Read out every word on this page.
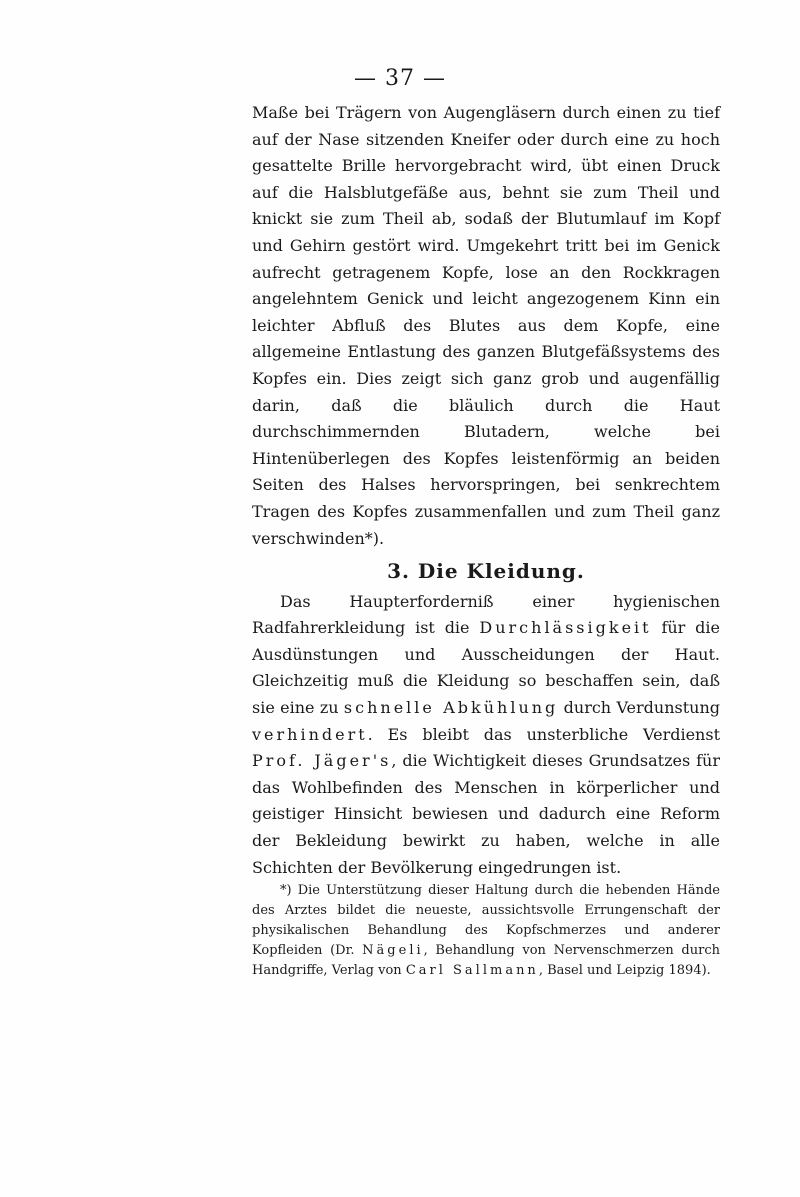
— 37 —

Maße bei Trägern von Augengläsern durch einen zu tief auf der Nase sitzenden Kneifer oder durch eine zu hoch gesattelte Brille hervorgebracht wird, übt einen Druck auf die Halsblutgefäße aus, behnt sie zum Theil und knickt sie zum Theil ab, sodaß der Blutumlauf im Kopf und Gehirn gestört wird. Umgekehrt tritt bei im Genick aufrecht getragenem Kopfe, lose an den Rockkragen angelehntem Genick und leicht angezogenem Kinn ein leichter Abfluß des Blutes aus dem Kopfe, eine allgemeine Entlastung des ganzen Blutgefäßsystems des Kopfes ein. Dies zeigt sich ganz grob und augenfällig darin, daß die bläulich durch die Haut durchschimmernden Blutadern, welche bei Hintenüberlegen des Kopfes leistenförmig an beiden Seiten des Halses hervorspringen, bei senkrechtem Tragen des Kopfes zusammenfallen und zum Theil ganz verschwinden*).

3. Die Kleidung.

Das Haupterforderniß einer hygienischen Radfahrerkleidung ist die Durchlässigkeit für die Ausdünstungen und Ausscheidungen der Haut. Gleichzeitig muß die Kleidung so beschaffen sein, daß sie eine zu schnelle Abkühlung durch Verdunstung verhindert. Es bleibt das unsterbliche Verdienst Prof. Jäger's, die Wichtigkeit dieses Grundsatzes für das Wohlbefinden des Menschen in körperlicher und geistiger Hinsicht bewiesen und dadurch eine Reform der Bekleidung bewirkt zu haben, welche in alle Schichten der Bevölkerung eingedrungen ist.

*) Die Unterstützung dieser Haltung durch die hebenden Hände des Arztes bildet die neueste, aussichtsvolle Errungenschaft der physikalischen Behandlung des Kopfschmerzes und anderer Kopfleiden (Dr. Nägeli, Behandlung von Nervenschmerzen durch Handgriffe, Verlag von Carl Sallmann, Basel und Leipzig 1894).
